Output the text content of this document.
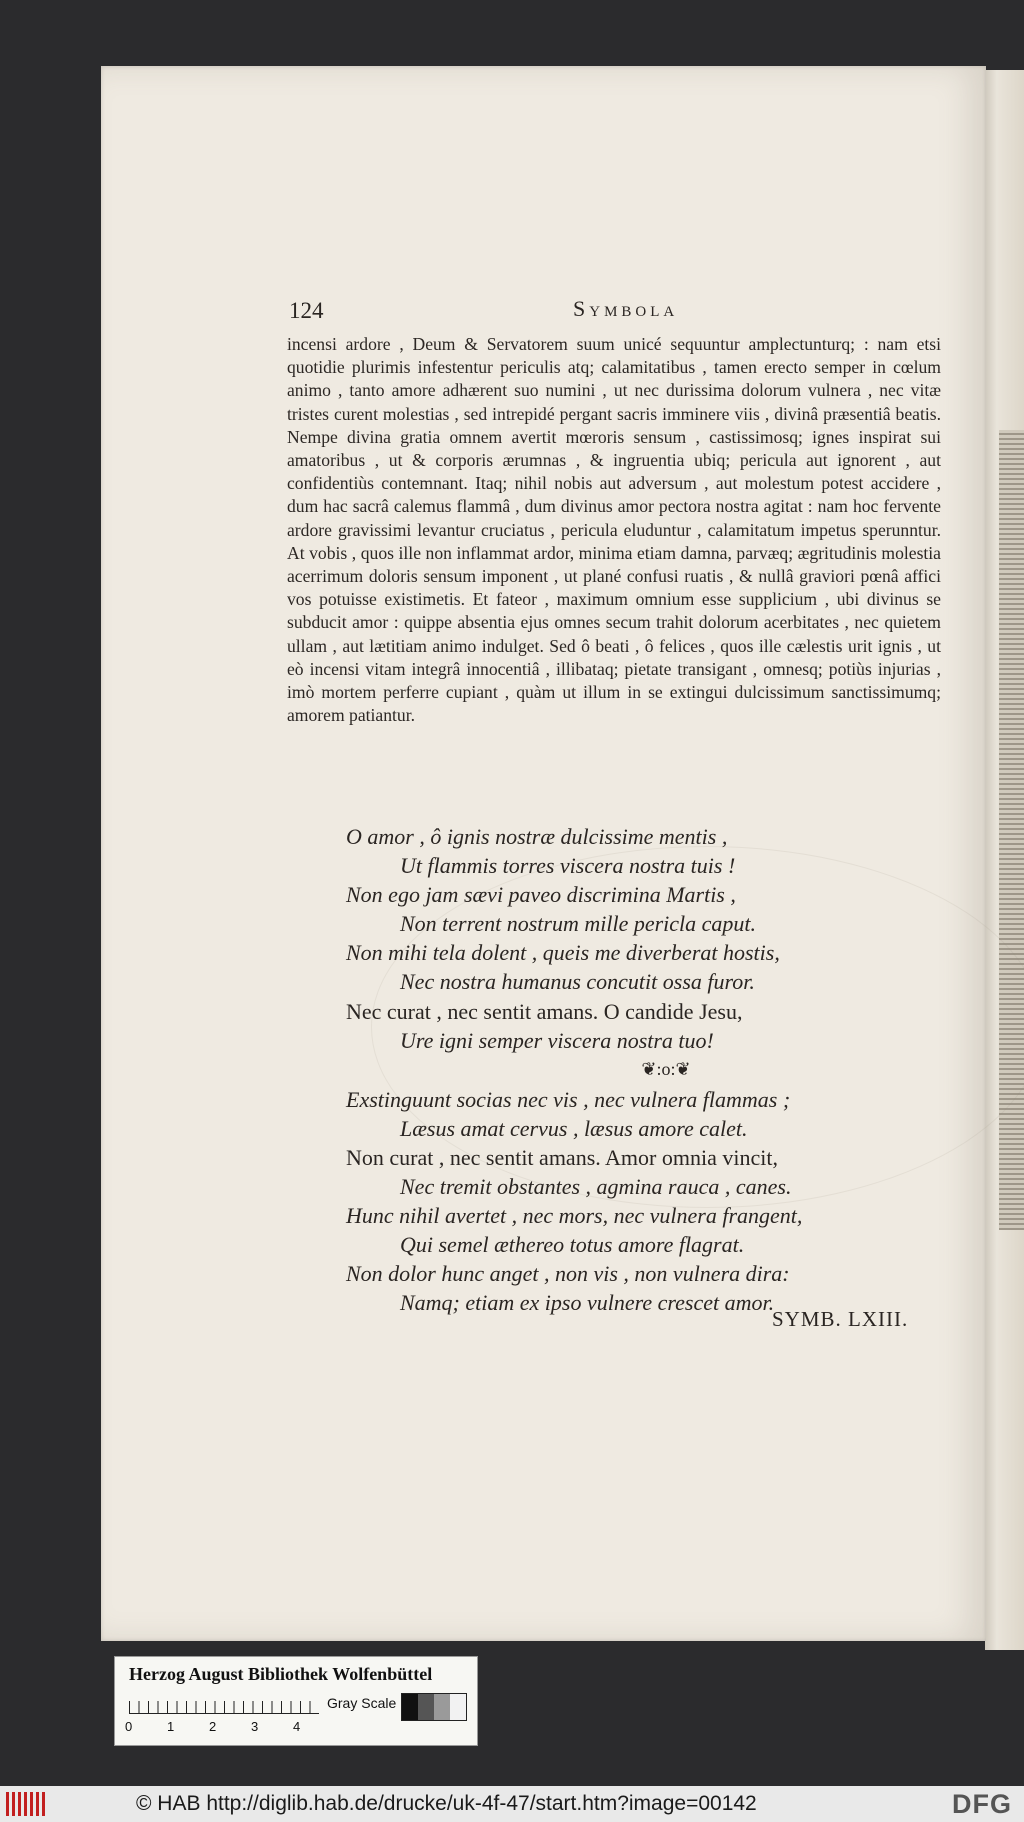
124	Symbola

incensi ardore , Deum & Servatorem suum unicé sequuntur amplectuntur​q; : nam etsi quotidie plurimis infestentur periculis atq; calamitatibus , tamen erecto semper in cœlum animo , tanto amore adhærent suo numini , ut nec durissima dolorum vulnera , nec vitæ tristes curent molestias , sed intrepidé pergant sacris imminere viis , divinâ præsentiâ beatis. Nempe divina gratia omnem avertit mœroris sensum , castissimosq; ignes inspirat sui amatoribus , ut & corporis ærumnas , & ingruentia ubiq; pericula aut ignorent , aut confidentiùs contemnant. Itaq; nihil nobis aut adversum , aut molestum potest accidere , dum hac sacrâ calemus flammâ , dum divinus amor pectora nostra agitat : nam hoc fervente ardore gravissimi levantur cruciatus , pericula eluduntur , calamitatum impetus sperunntur. At vobis , quos ille non inflammat ardor, minima etiam damna, parvæq; ægritudinis molestia acerrimum doloris sensum imponent , ut plané confusi ruatis , & nullâ graviori pœnâ affici vos potuisse existimetis. Et fateor , maximum omnium esse supplicium , ubi divinus se subducit amor : quippe absentia ejus omnes secum trahit dolorum acerbitates , nec quietem ullam , aut lætitiam animo indulget. Sed ô beati , ô felices , quos ille cælestis urit ignis , ut eò incensi vitam integrâ innocentiâ , illibataq; pietate transigant , omnesq; potiùs injurias , imò mortem perferre cupiant , quàm ut illum in se extingui dulcissimum sanctissimumq; amorem patiantur.

O amor , ô ignis nostræ dulcissime mentis ,
Ut flammis torres viscera nostra tuis !
Non ego jam sævi paveo discrimina Martis ,
Non terrent nostrum mille pericla caput.
Non mihi tela dolent , queis me diverberat hostis,
Nec nostra humanus concutit ossa furor.
Nec curat , nec sentit amans. O candide Jesu,
Ure igni semper viscera nostra tuo!
❦:o:❦
Exstinguunt socias nec vis , nec vulnera flammas ;
Læsus amat cervus , læsus amore calet.
Non curat , nec sentit amans. Amor omnia vincit,
Nec tremit obstantes , agmina rauca , canes.
Hunc nihil avertet , nec mors, nec vulnera frangent,
Qui semel æthereo totus amore flagrat.
Non dolor hunc anget , non vis , non vulnera dira:
Namq; etiam ex ipso vulnere crescet amor.
SYMB. LXIII.
Herzog August Bibliothek Wolfenbüttel
0	1	2	3	4
Gray Scale
© HAB http://diglib.hab.de/drucke/uk-4f-47/start.htm?image=00142	DFG
